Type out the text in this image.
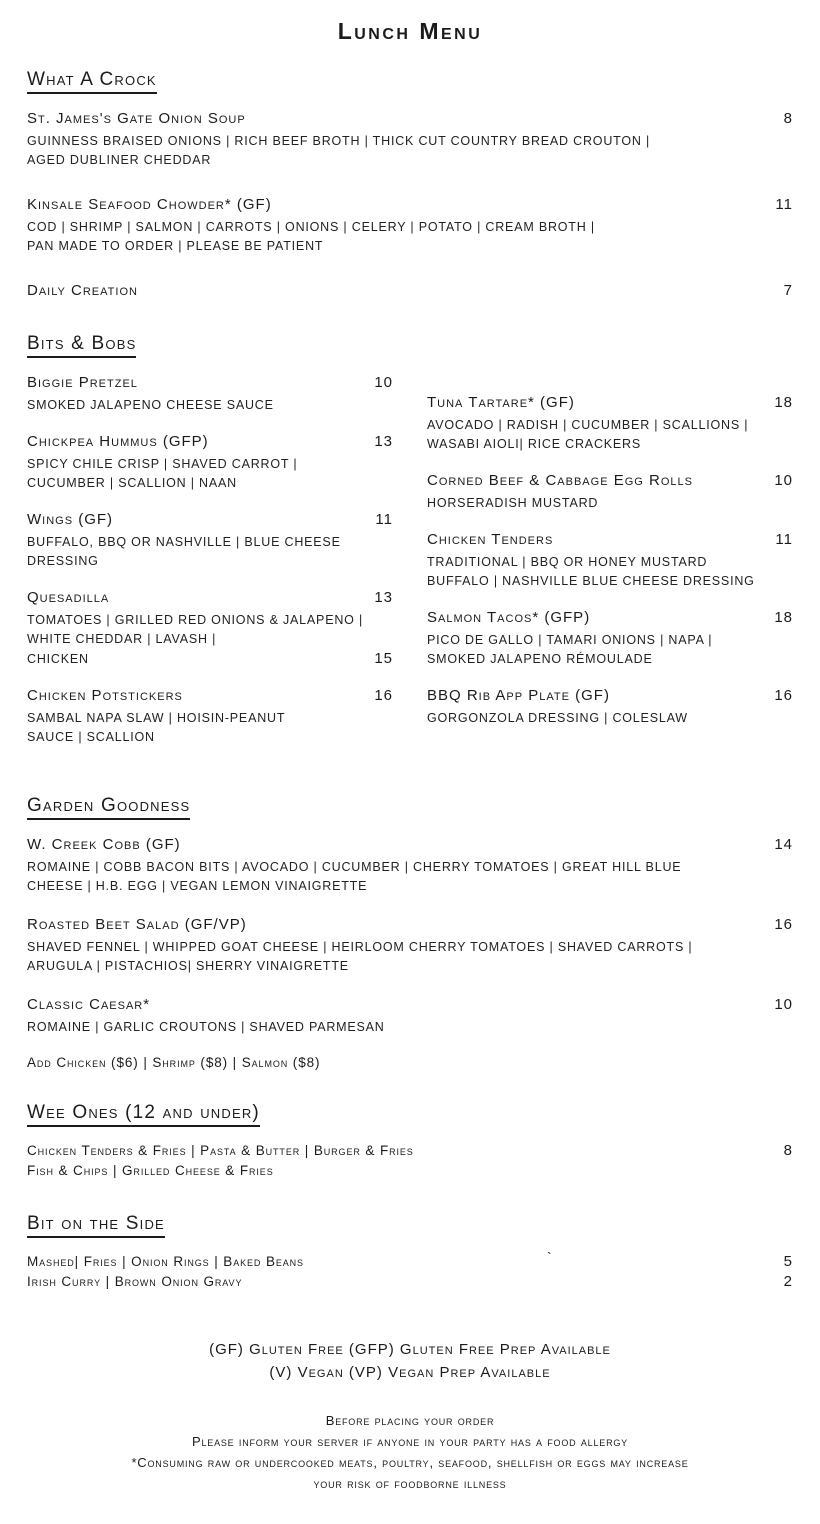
Lunch Menu
What A Crock
St. James's Gate Onion Soup	8
GUINNESS BRAISED ONIONS | RICH BEEF BROTH | THICK CUT COUNTRY BREAD CROUTON |
AGED DUBLINER CHEDDAR
Kinsale Seafood Chowder* (GF)	11
COD | SHRIMP | SALMON | CARROTS | ONIONS | CELERY | POTATO | CREAM BROTH |
PAN MADE TO ORDER | PLEASE BE PATIENT
Daily Creation	7
Bits & Bobs
Biggie Pretzel	10
SMOKED JALAPENO CHEESE SAUCE
Chickpea Hummus (GFP)	13
SPICY CHILE CRISP | SHAVED CARROT |
CUCUMBER | SCALLION | NAAN
Wings (GF)	11
BUFFALO, BBQ OR NASHVILLE | BLUE CHEESE
DRESSING
Quesadilla	13
TOMATOES | GRILLED RED ONIONS & JALAPENO |
WHITE CHEDDAR | LAVASH |
CHICKEN	15
Chicken Potstickers	16
SAMBAL NAPA SLAW | HOISIN-PEANUT
SAUCE | SCALLION
Tuna Tartare* (GF)	18
AVOCADO | RADISH | CUCUMBER | SCALLIONS |
WASABI AIOLI| RICE CRACKERS
Corned Beef & Cabbage Egg Rolls	10
HORSERADISH MUSTARD
Chicken Tenders	11
TRADITIONAL | BBQ OR HONEY MUSTARD
BUFFALO | NASHVILLE BLUE CHEESE DRESSING
Salmon Tacos* (GFP)	18
PICO DE GALLO | TAMARI ONIONS | NAPA |
SMOKED JALAPENO RÉMOULADE
BBQ Rib App Plate (GF)	16
GORGONZOLA DRESSING | COLESLAW
Garden Goodness
W. Creek Cobb (GF)	14
ROMAINE | COBB BACON BITS | AVOCADO | CUCUMBER | CHERRY TOMATOES | GREAT HILL BLUE
CHEESE | H.B. EGG | VEGAN LEMON VINAIGRETTE
Roasted Beet Salad (GF/VP)	16
SHAVED FENNEL | WHIPPED GOAT CHEESE | HEIRLOOM CHERRY TOMATOES | SHAVED CARROTS |
ARUGULA | PISTACHIOS| SHERRY VINAIGRETTE
Classic Caesar*	10
ROMAINE | GARLIC CROUTONS | SHAVED PARMESAN
Add Chicken ($6) | Shrimp ($8) | Salmon ($8)
Wee Ones (12 and under)
Chicken Tenders & Fries | Pasta & Butter | Burger & Fries	8
Fish & Chips | Grilled Cheese & Fries
Bit on the Side
Mashed| Fries | Onion Rings | Baked Beans	`	5
Irish Curry | Brown Onion Gravy	2
(GF) Gluten Free (GFP) Gluten Free Prep Available
(V) Vegan (VP) Vegan Prep Available
Before placing your order
Please inform your server if anyone in your party has a food allergy
*Consuming raw or undercooked meats, poultry, seafood, shellfish or eggs may increase
your risk of foodborne illness
